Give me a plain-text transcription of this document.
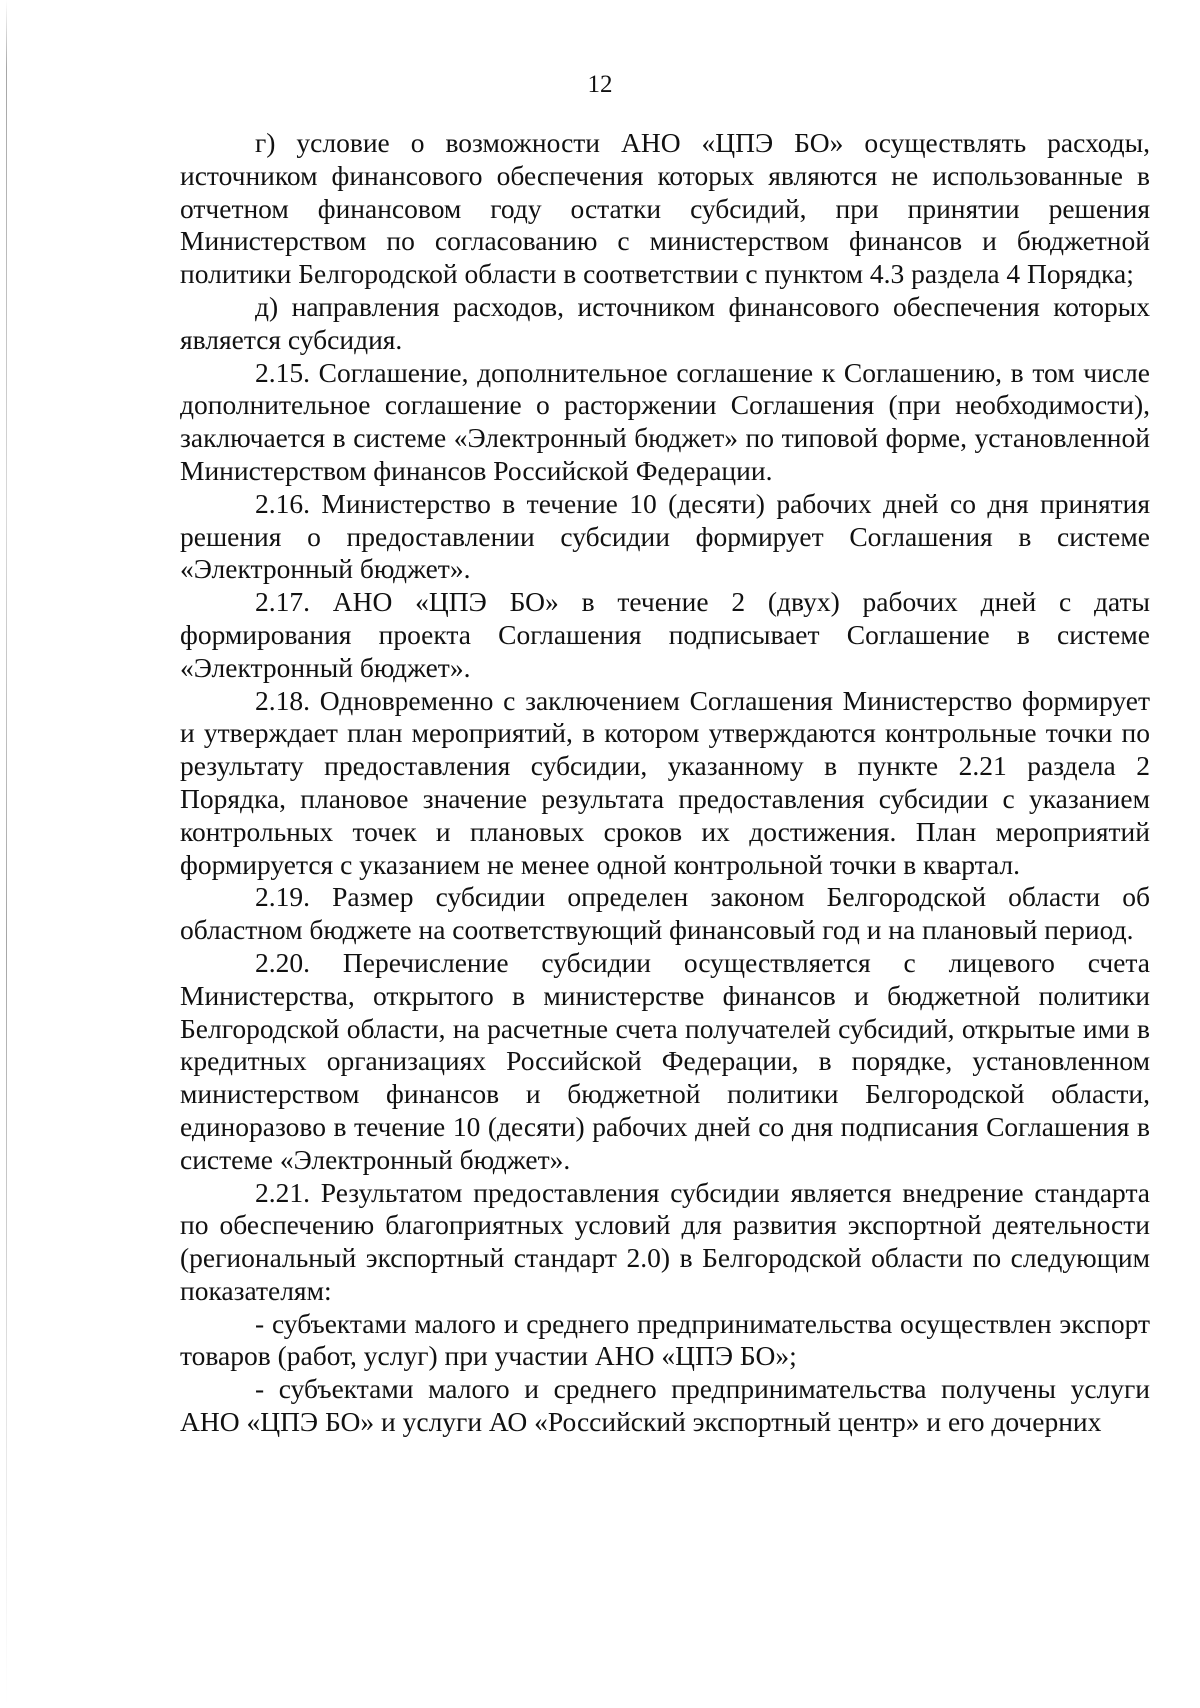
12

г) условие о возможности АНО «ЦПЭ БО» осуществлять расходы, источником финансового обеспечения которых являются не использованные в отчетном финансовом году остатки субсидий, при принятии решения Министерством по согласованию с министерством финансов и бюджетной политики Белгородской области в соответствии с пунктом 4.3 раздела 4 Порядка;

д) направления расходов, источником финансового обеспечения которых является субсидия.

2.15. Соглашение, дополнительное соглашение к Соглашению, в том числе дополнительное соглашение о расторжении Соглашения (при необходимости), заключается в системе «Электронный бюджет» по типовой форме, установленной Министерством финансов Российской Федерации.

2.16. Министерство в течение 10 (десяти) рабочих дней со дня принятия решения о предоставлении субсидии формирует Соглашения в системе «Электронный бюджет».

2.17. АНО «ЦПЭ БО» в течение 2 (двух) рабочих дней с даты формирования проекта Соглашения подписывает Соглашение в системе «Электронный бюджет».

2.18. Одновременно с заключением Соглашения Министерство формирует и утверждает план мероприятий, в котором утверждаются контрольные точки по результату предоставления субсидии, указанному в пункте 2.21 раздела 2 Порядка, плановое значение результата предоставления субсидии с указанием контрольных точек и плановых сроков их достижения. План мероприятий формируется с указанием не менее одной контрольной точки в квартал.

2.19. Размер субсидии определен законом Белгородской области об областном бюджете на соответствующий финансовый год и на плановый период.

2.20. Перечисление субсидии осуществляется с лицевого счета Министерства, открытого в министерстве финансов и бюджетной политики Белгородской области, на расчетные счета получателей субсидий, открытые ими в кредитных организациях Российской Федерации, в порядке, установленном министерством финансов и бюджетной политики Белгородской области, единоразово в течение 10 (десяти) рабочих дней со дня подписания Соглашения в системе «Электронный бюджет».

2.21. Результатом предоставления субсидии является внедрение стандарта по обеспечению благоприятных условий для развития экспортной деятельности (региональный экспортный стандарт 2.0) в Белгородской области по следующим показателям:

- субъектами малого и среднего предпринимательства осуществлен экспорт товаров (работ, услуг) при участии АНО «ЦПЭ БО»;

- субъектами малого и среднего предпринимательства получены услуги АНО «ЦПЭ БО» и услуги АО «Российский экспортный центр» и его дочерних
